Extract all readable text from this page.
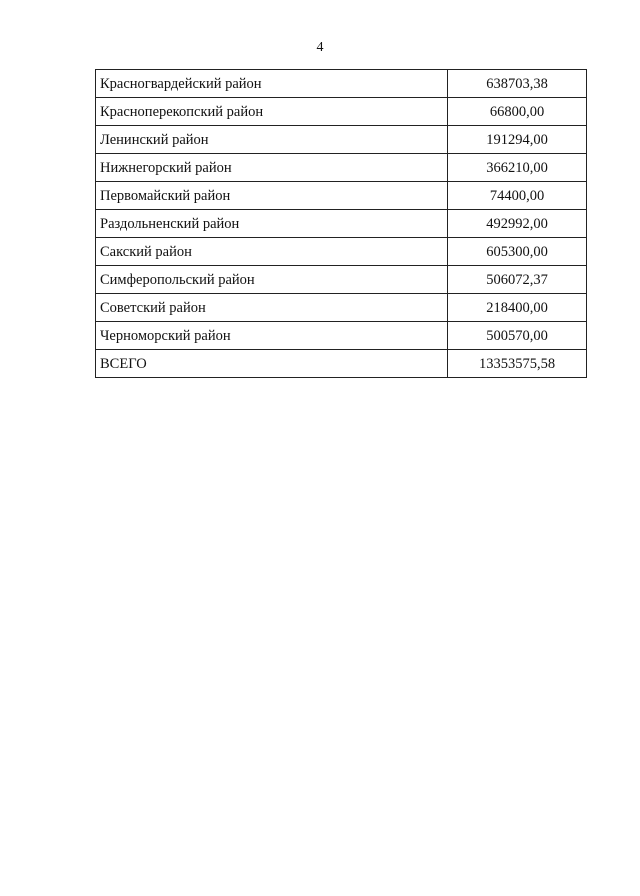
4
Красногвардейский район	638703,38
Красноперекопский район	66800,00
Ленинский район	191294,00
Нижнегорский район	366210,00
Первомайский район	74400,00
Раздольненский район	492992,00
Сакский район	605300,00
Симферопольский район	506072,37
Советский район	218400,00
Черноморский район	500570,00
ВСЕГО	13353575,58
